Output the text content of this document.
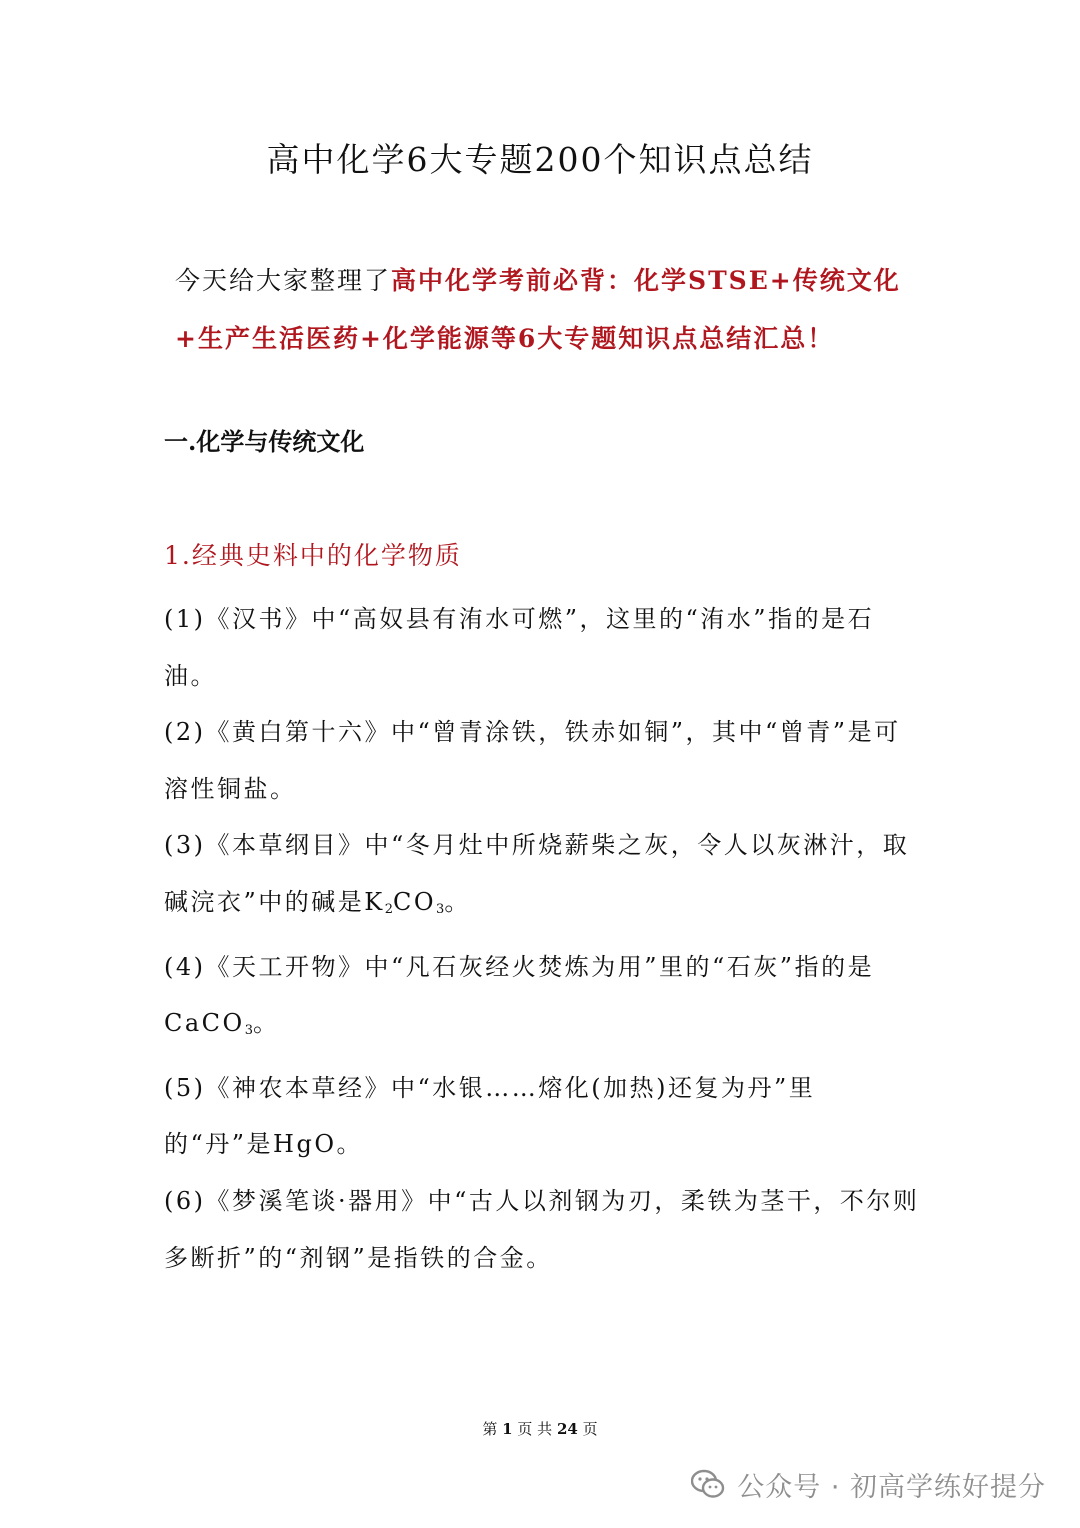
高中化学6大专题200个知识点总结
今天给大家整理了高中化学考前必背：化学STSE+传统文化+生产生活医药+化学能源等6大专题知识点总结汇总！
一.化学与传统文化
1.经典史料中的化学物质
(1)《汉书》中“高奴县有洧水可燃”，这里的“洧水”指的是石油。
(2)《黄白第十六》中“曾青涂铁，铁赤如铜”，其中“曾青”是可溶性铜盐。
(3)《本草纲目》中“冬月灶中所烧薪柴之灰，令人以灰淋汁，取碱浣衣”中的碱是$K_2CO_3$。
(4)《天工开物》中“凡石灰经火焚炼为用”里的“石灰”指的是CaCO$_3$。
(5)《神农本草经》中“水银……熔化(加热)还复为丹”里的“丹”是HgO。
(6)《梦溪笔谈·器用》中“古人以剂钢为刃，柔铁为茎干，不尔则多断折”的“剂钢”是指铁的合金。
第 1 页 共 24 页
公众号 · 初高学练好提分
